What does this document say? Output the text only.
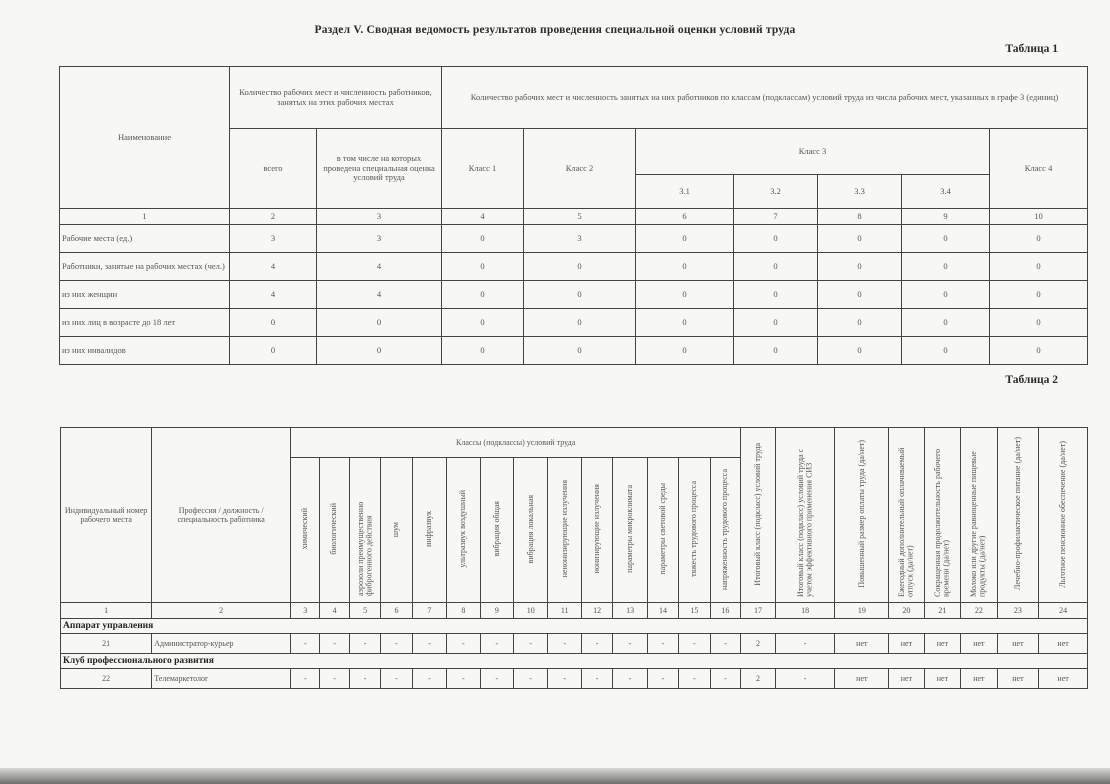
Раздел V. Сводная ведомость результатов проведения специальной оценки условий труда
Таблица 1
Наименование	Количество рабочих мест и численность работников, занятых на этих рабочих местах		Количество рабочих мест и численность занятых на них работников по классам (подклассам) условий труда из числа рабочих мест, указанных в графе 3 (единиц)						
	всего	в том числе на которых проведена специальная оценка условий труда	Класс 1	Класс 2	Класс 3				Класс 4
					3.1	3.2	3.3	3.4	
1	2	3	4	5	6	7	8	9	10
Рабочие места (ед.)	3	3	0	3	0	0	0	0	0
Работники, занятые на рабочих местах (чел.)	4	4	0	0	0	0	0	0	0
из них женщин	4	4	0	0	0	0	0	0	0
из них лиц в возрасте до 18 лет	0	0	0	0	0	0	0	0	0
из них инвалидов	0	0	0	0	0	0	0	0	0
Таблица 2
Индивидуальный номер рабочего места	Профессия / должность / специальность работника	Классы (подклассы) условий труда														Итоговый класс (подкласс) условий труда	Итоговый класс (подкласс) условий труда с учетом эффективного применения СИЗ	Повышенный размер оплаты труда (да/нет)	Ежегодный дополнительный оплачиваемый отпуск (да/нет)	Сокращенная продолжительность рабочего времени (да/нет)	Молоко или другие равноценные пищевые продукты (да/нет)	Лечебно-профилактическое питание (да/нет)	Льготное пенсионное обеспечение (да/нет)
		химический	биологический	аэрозоли преимущественно фиброгенного действия	шум	инфразвук	ультразвук воздушный	вибрация общая	вибрация локальная	неионизирующие излучения	ионизирующие излучения	параметры микроклимата	параметры световой среды	тяжесть трудового процесса	напряженность трудового процесса								
1	2	3	4	5	6	7	8	9	10	11	12	13	14	15	16	17	18	19	20	21	22	23	24
Аппарат управления																							
21	Администратор-курьер	-	-	-	-	-	-	-	-	-	-	-	-	-	-	2	-	нет	нет	нет	нет	нет	нет
Клуб профессионального развития																							
22	Телемаркетолог	-	-	-	-	-	-	-	-	-	-	-	-	-	-	2	-	нет	нет	нет	нет	нет	нет
